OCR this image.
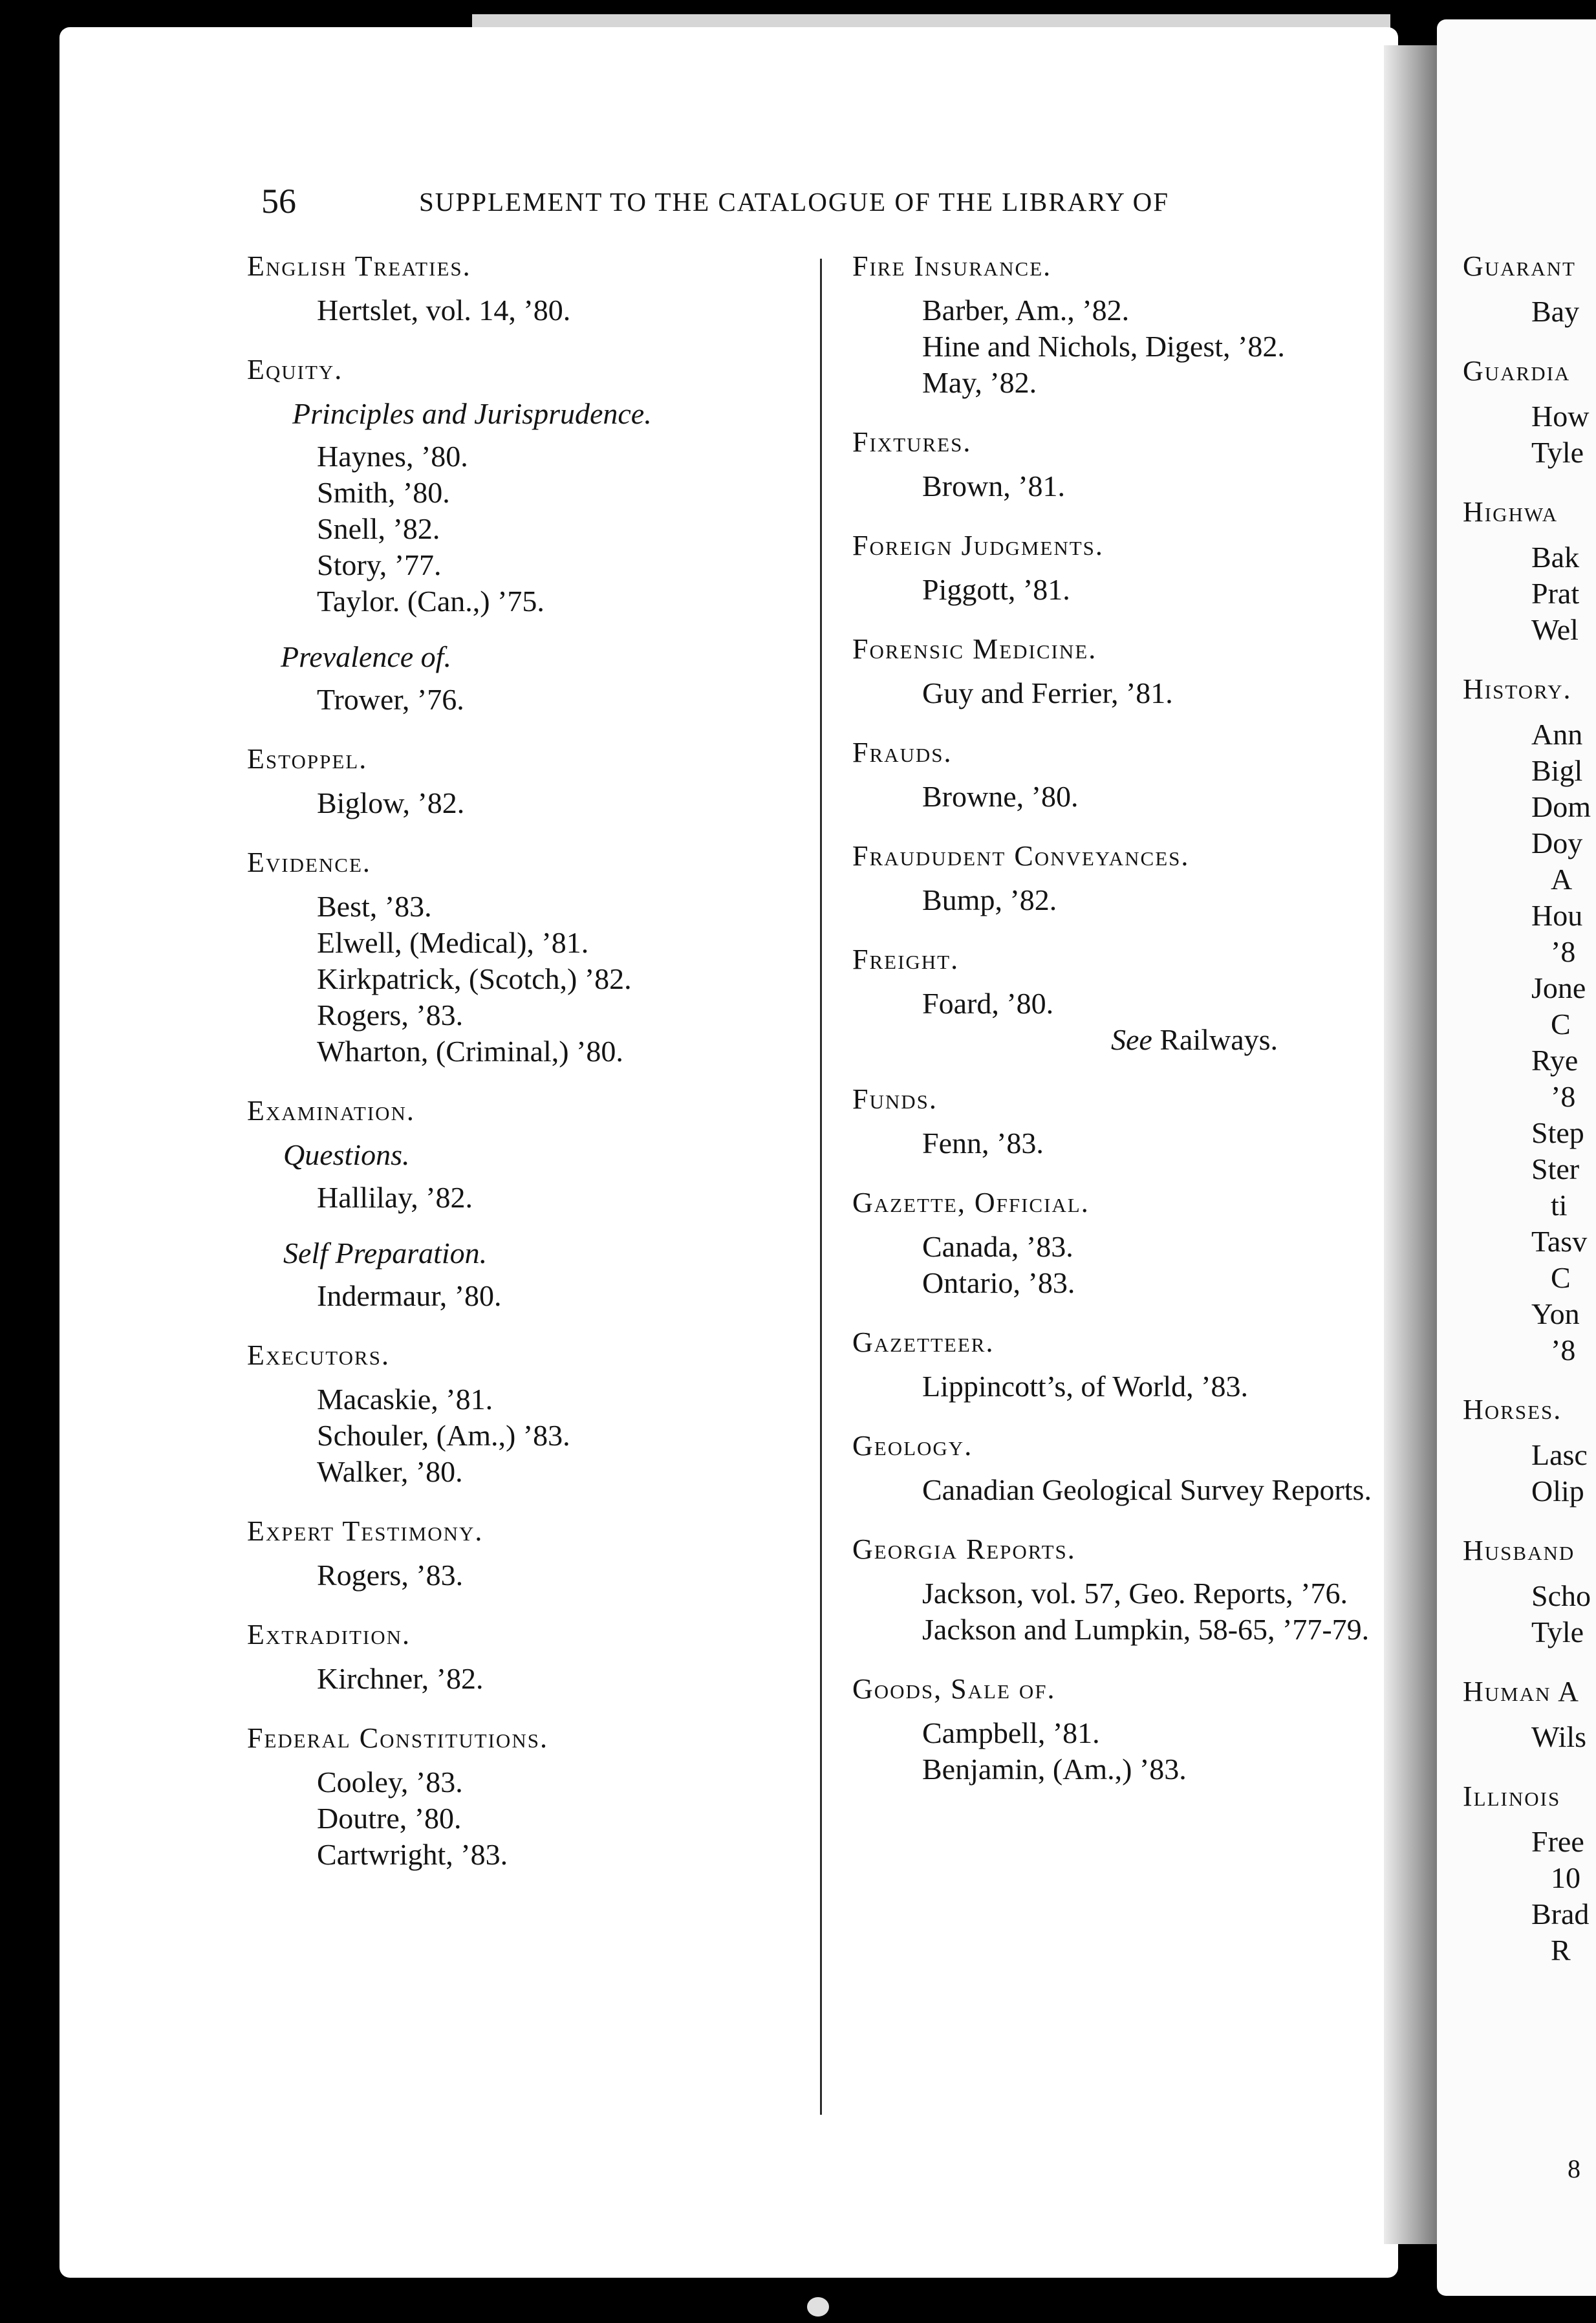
56	SUPPLEMENT TO THE CATALOGUE OF THE LIBRARY OF
English Treaties.
Hertslet, vol. 14, ’80.
Equity.
Principles and Jurisprudence.
Haynes, ’80.
Smith, ’80.
Snell, ’82.
Story, ’77.
Taylor. (Can.,) ’75.
Prevalence of.
Trower, ’76.
Estoppel.
Biglow, ’82.
Evidence.
Best, ’83.
Elwell, (Medical), ’81.
Kirkpatrick, (Scotch,) ’82.
Rogers, ’83.
Wharton, (Criminal,) ’80.
Examination.
Questions.
Hallilay, ’82.
Self Preparation.
Indermaur, ’80.
Executors.
Macaskie, ’81.
Schouler, (Am.,) ’83.
Walker, ’80.
Expert Testimony.
Rogers, ’83.
Extradition.
Kirchner, ’82.
Federal Constitutions.
Cooley, ’83.
Doutre, ’80.
Cartwright, ’83.
Fire Insurance.
Barber, Am., ’82.
Hine and Nichols, Digest, ’82.
May, ’82.
Fixtures.
Brown, ’81.
Foreign Judgments.
Piggott, ’81.
Forensic Medicine.
Guy and Ferrier, ’81.
Frauds.
Browne, ’80.
Fraududent Conveyances.
Bump, ’82.
Freight.
Foard, ’80.
See Railways.
Funds.
Fenn, ’83.
Gazette, Official.
Canada, ’83.
Ontario, ’83.
Gazetteer.
Lippincott’s, of World, ’83.
Geology.
Canadian Geological Survey Reports.
Georgia Reports.
Jackson, vol. 57, Geo. Reports, ’76.
Jackson and Lumpkin, 58-65, ’77-79.
Goods, Sale of.
Campbell, ’81.
Benjamin, (Am.,) ’83.
Guarant
Bay
Guardia
How
Tyle
Highwa
Bak
Prat
Wel
History.
Ann
Bigl
Dom
Doy
A
Hou
’8
Jone
C
Rye
’8
Step
Ster
ti
Tasv
C
Yon
’8
Horses.
Lasc
Olip
Husband
Scho
Tyle
Human A
Wils
Illinois
Free
10
Brad
R
8
